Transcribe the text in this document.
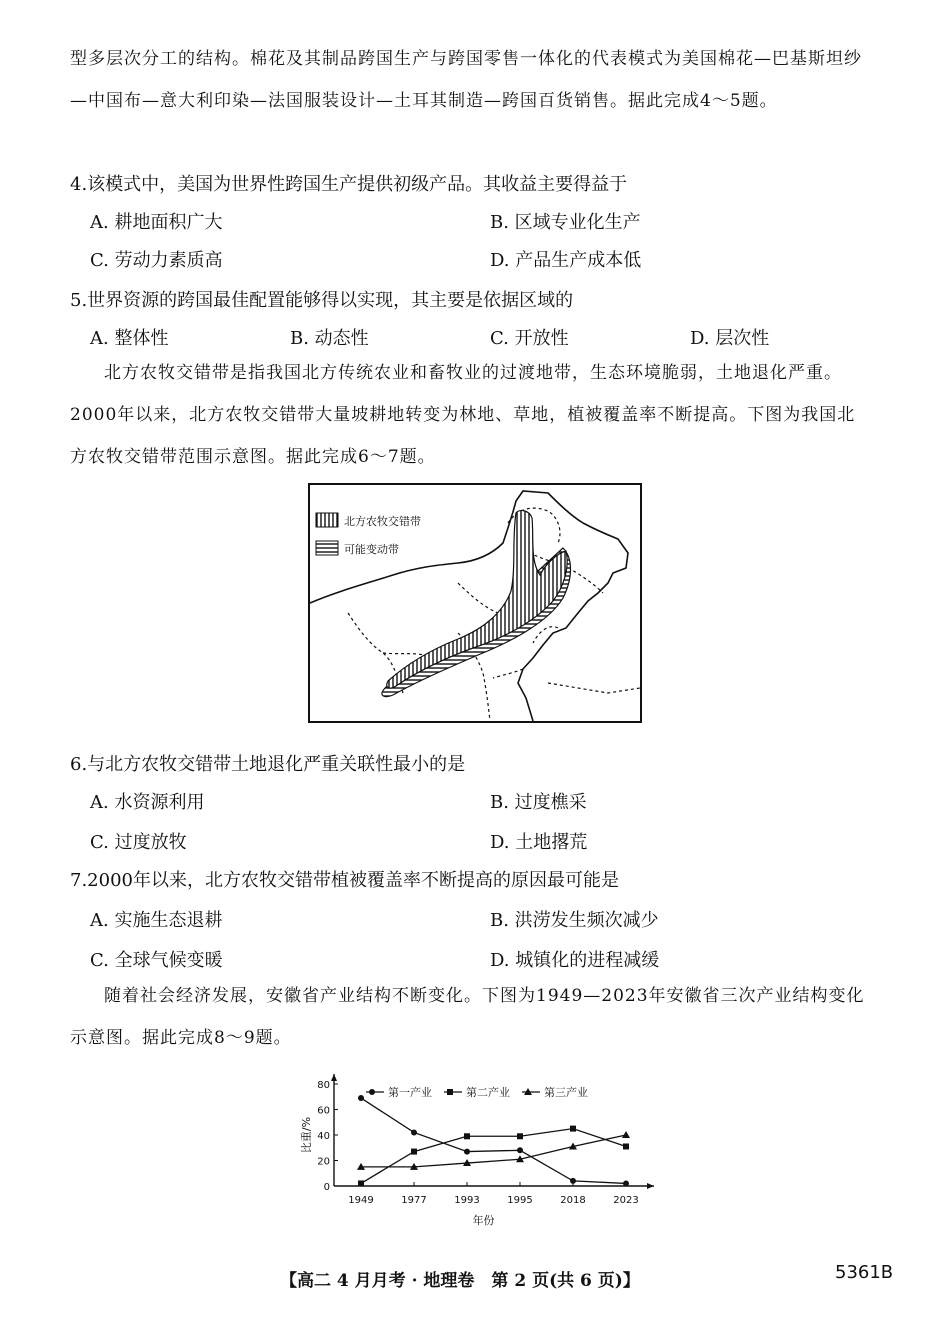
型多层次分工的结构。棉花及其制品跨国生产与跨国零售一体化的代表模式为美国棉花—巴基斯坦纱—中国布—意大利印染—法国服装设计—土耳其制造—跨国百货销售。据此完成4～5题。

4.该模式中，美国为世界性跨国生产提供初级产品。其收益主要得益于

A. 耕地面积广大	B. 区域专业化生产

C. 劳动力素质高	D. 产品生产成本低

5.世界资源的跨国最佳配置能够得以实现，其主要是依据区域的

A. 整体性	B. 动态性	C. 开放性	D. 层次性

北方农牧交错带是指我国北方传统农业和畜牧业的过渡地带，生态环境脆弱，土地退化严重。2000年以来，北方农牧交错带大量坡耕地转变为林地、草地，植被覆盖率不断提高。下图为我国北方农牧交错带范围示意图。据此完成6～7题。

北方农牧交错带
可能变动带

6.与北方农牧交错带土地退化严重关联性最小的是

A. 水资源利用	B. 过度樵采

C. 过度放牧	D. 土地撂荒

7.2000年以来，北方农牧交错带植被覆盖率不断提高的原因最可能是

A. 实施生态退耕	B. 洪涝发生频次减少

C. 全球气候变暖	D. 城镇化的进程减缓

随着社会经济发展，安徽省产业结构不断变化。下图为1949—2023年安徽省三次产业结构变化示意图。据此完成8～9题。

0
20
40
60
80
1949	1977	1993	1995	2018	2023
年份
比重/%
第一产业	第二产业	第三产业
【高二 4 月月考 · 地理卷　第 2 页(共 6 页)】	5361B
